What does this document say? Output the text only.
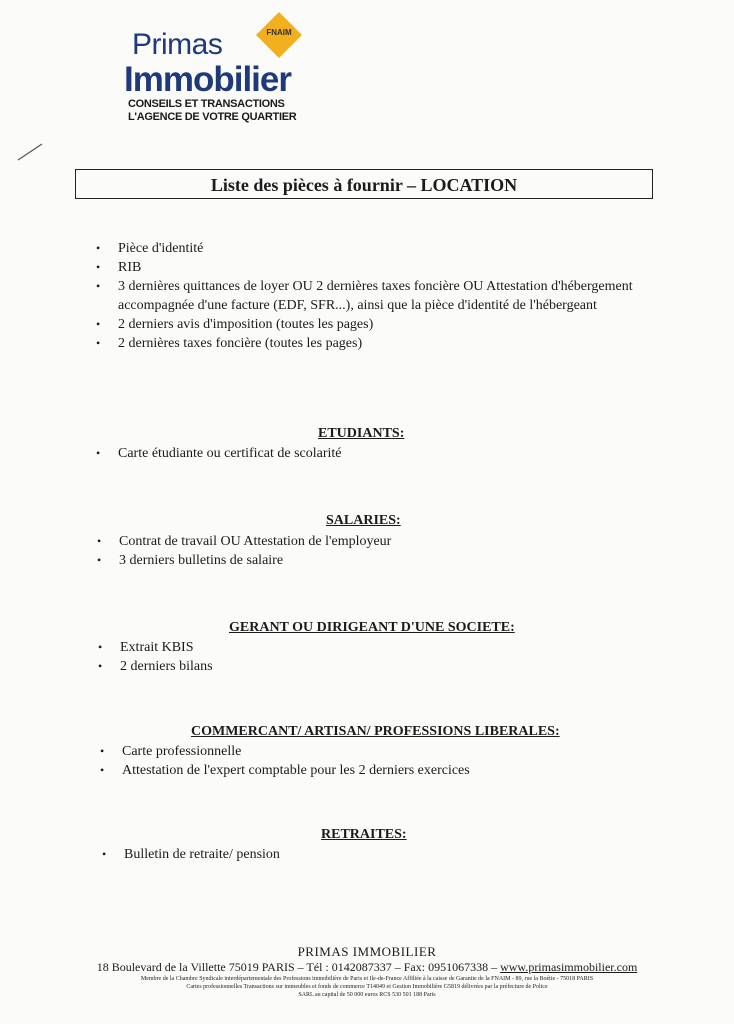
FNAIM
Primas
Immobilier
CONSEILS ET TRANSACTIONS
L'AGENCE DE VOTRE QUARTIER
Liste des pièces à fournir – LOCATION
• Pièce d'identité
• RIB
• 3 dernières quittances de loyer OU 2 dernières taxes foncière OU Attestation d'hébergement accompagnée d'une facture (EDF, SFR...), ainsi que la pièce d'identité de l'hébergeant
• 2 derniers avis d'imposition (toutes les pages)
• 2 dernières taxes foncière (toutes les pages)
ETUDIANTS:
• Carte étudiante ou certificat de scolarité
SALARIES:
• Contrat de travail OU Attestation de l'employeur
• 3 derniers bulletins de salaire
GERANT OU DIRIGEANT D'UNE SOCIETE:
• Extrait KBIS
• 2 derniers bilans
COMMERCANT/ ARTISAN/ PROFESSIONS LIBERALES:
• Carte professionnelle
• Attestation de l'expert comptable pour les 2 derniers exercices
RETRAITES:
• Bulletin de retraite/ pension
PRIMAS IMMOBILIER
18 Boulevard de la Villette 75019 PARIS – Tél : 0142087337 – Fax: 0951067338 – www.primasimmobilier.com
Membre de la Chambre Syndicale interdépartementale des Professions immobilière de Paris et Ile-de-France Affiliée à la caisse de Garantie de la FNAIM - 89, rue la Boétie - 75018 PARIS
Cartes professionnelles Transactions sur immeubles et fonds de commerce T14049 et Gestion Immobilière G5819 délivrées par la préfecture de Police
SARL au capital de 50 000 euros RCS 530 501 188 Paris
